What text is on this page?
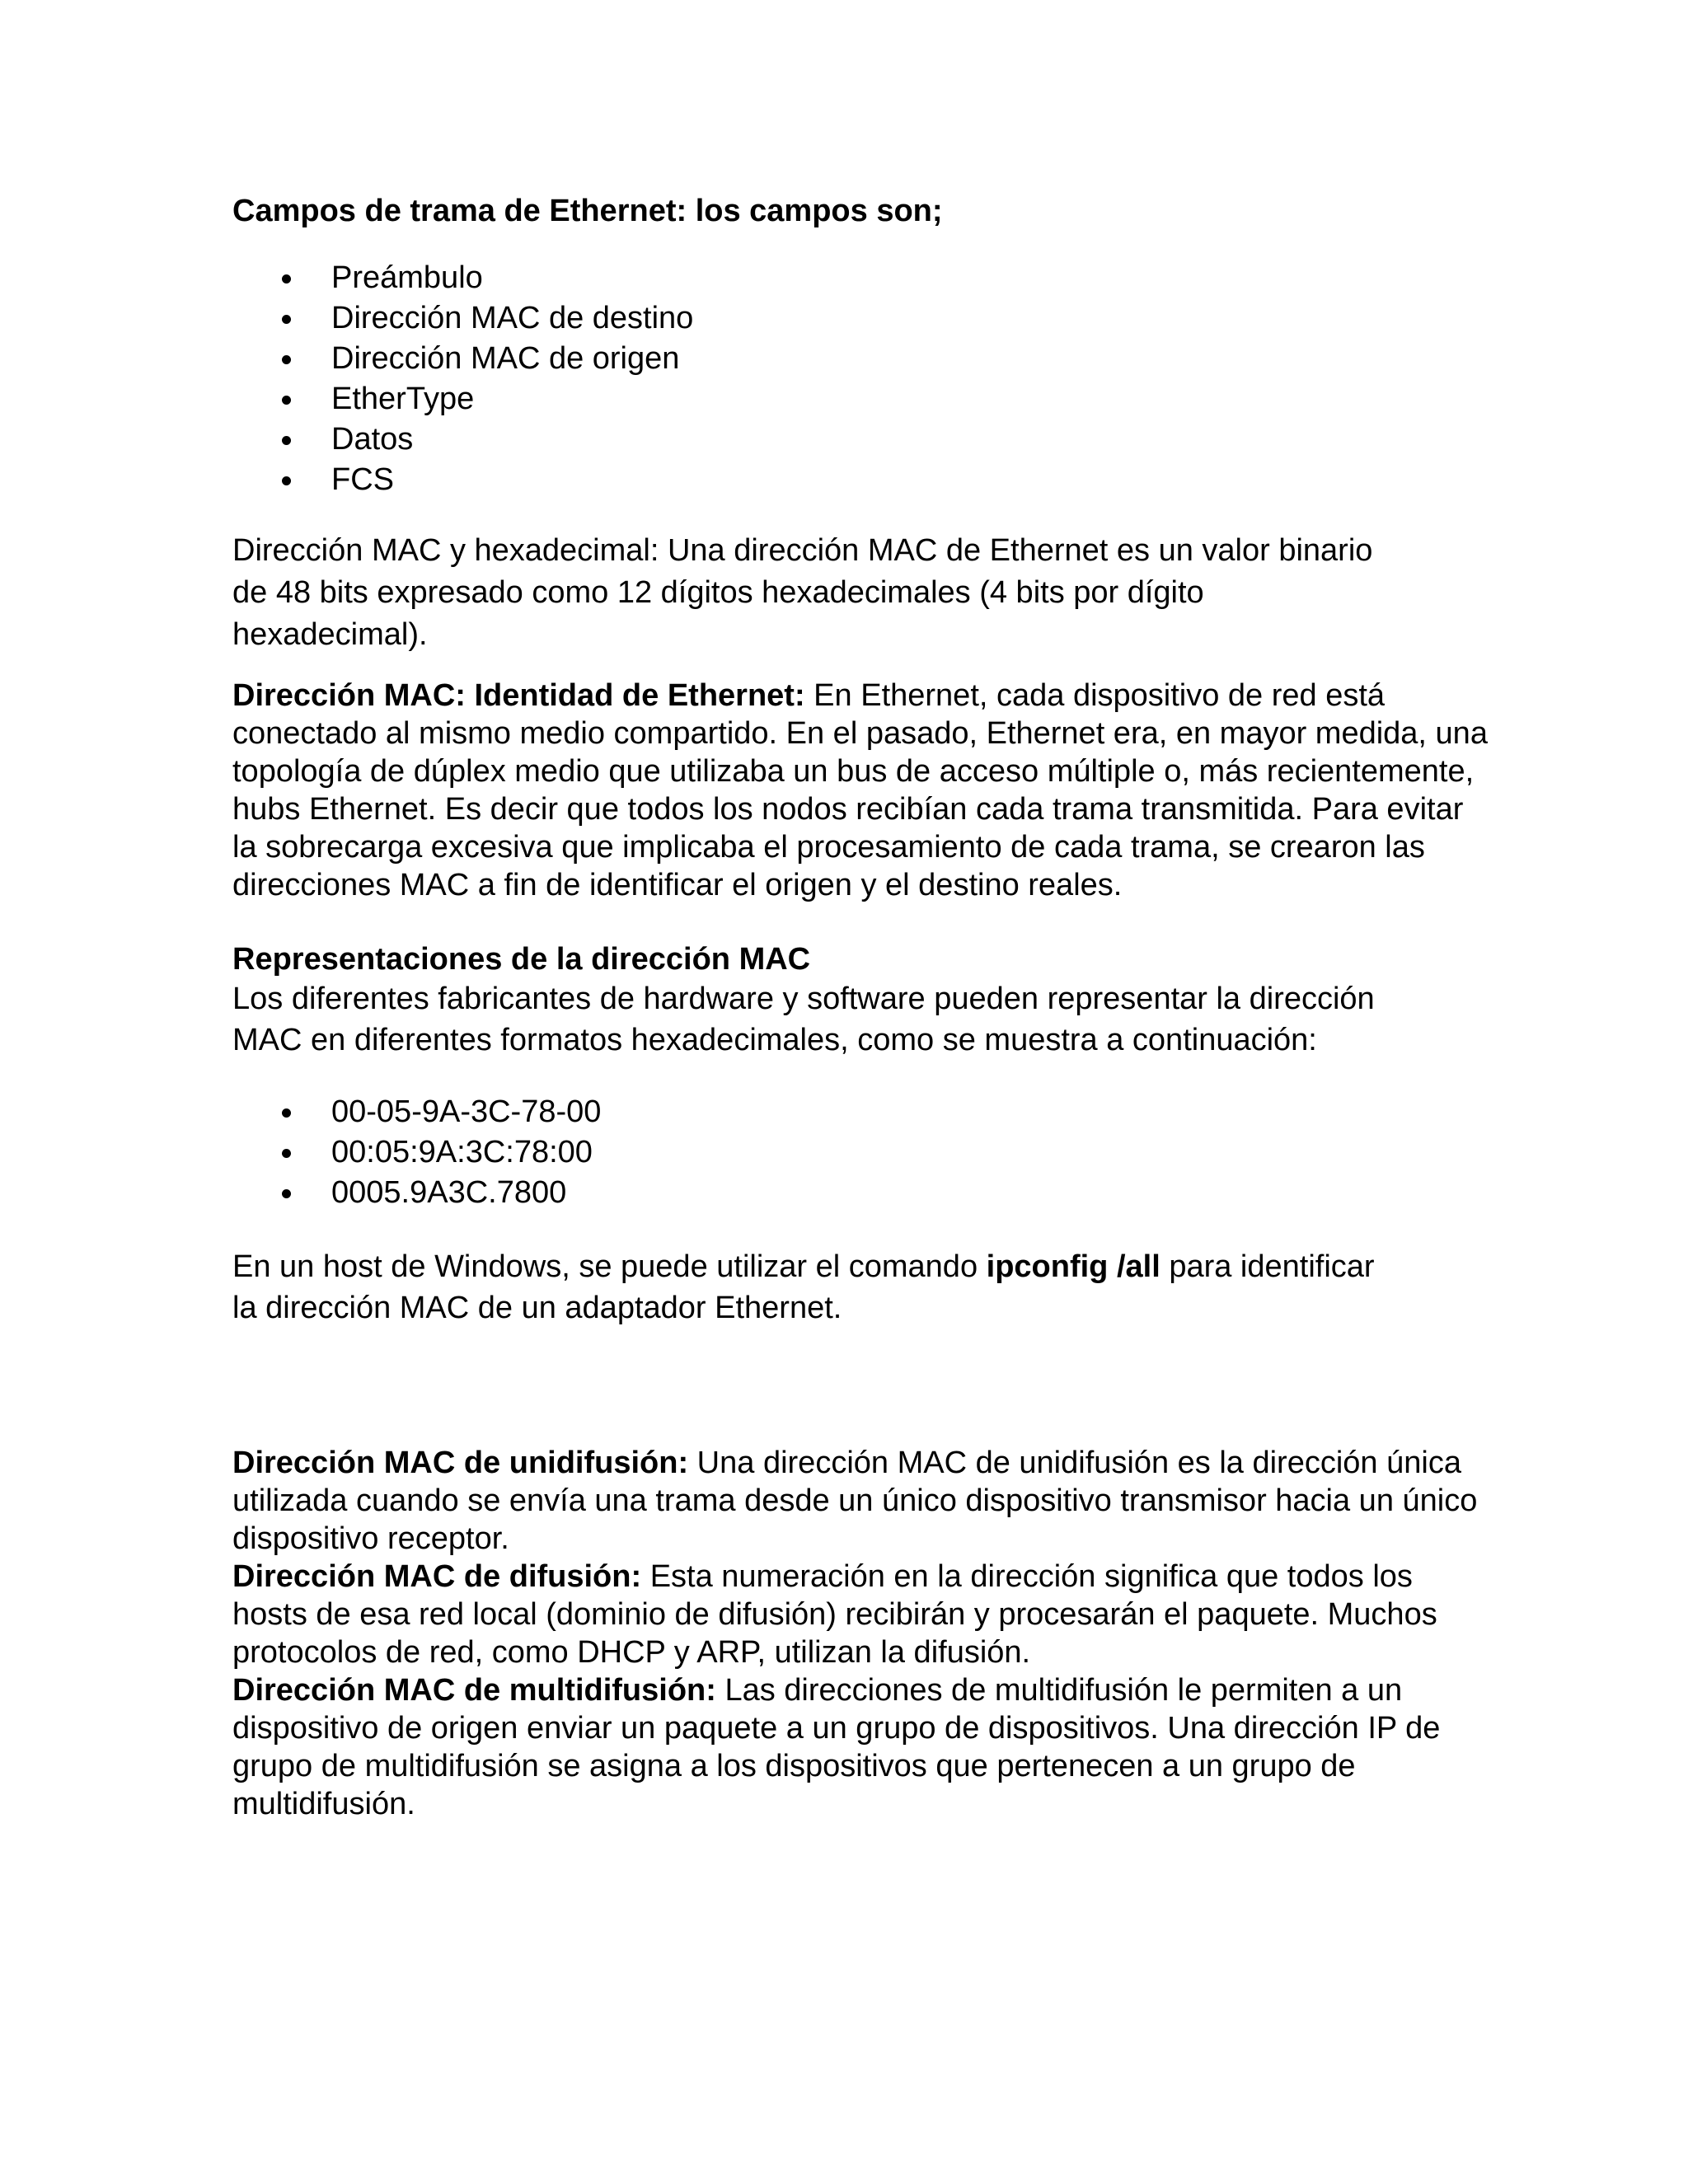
Campos de trama de Ethernet: los campos son;

Preámbulo
Dirección MAC de destino
Dirección MAC de origen
EtherType
Datos
FCS
Dirección MAC y hexadecimal: Una dirección MAC de Ethernet es un valor binario
de 48 bits expresado como 12 dígitos hexadecimales (4 bits por dígito
hexadecimal).

Dirección MAC: Identidad de Ethernet: En Ethernet, cada dispositivo de red está conectado al mismo medio compartido. En el pasado, Ethernet era, en mayor medida, una topología de dúplex medio que utilizaba un bus de acceso múltiple o, más recientemente, hubs Ethernet. Es decir que todos los nodos recibían cada trama transmitida. Para evitar la sobrecarga excesiva que implicaba el procesamiento de cada trama, se crearon las direcciones MAC a fin de identificar el origen y el destino reales.

Representaciones de la dirección MAC

Los diferentes fabricantes de hardware y software pueden representar la dirección
MAC en diferentes formatos hexadecimales, como se muestra a continuación:
00-05-9A-3C-78-00
00:05:9A:3C:78:00
0005.9A3C.7800
En un host de Windows, se puede utilizar el comando ipconfig /all para identificar
la dirección MAC de un adaptador Ethernet.

Dirección MAC de unidifusión: Una dirección MAC de unidifusión es la dirección única utilizada cuando se envía una trama desde un único dispositivo transmisor hacia un único dispositivo receptor.

Dirección MAC de difusión: Esta numeración en la dirección significa que todos los hosts de esa red local (dominio de difusión) recibirán y procesarán el paquete. Muchos protocolos de red, como DHCP y ARP, utilizan la difusión.

Dirección MAC de multidifusión: Las direcciones de multidifusión le permiten a un dispositivo de origen enviar un paquete a un grupo de dispositivos. Una dirección IP de grupo de multidifusión se asigna a los dispositivos que pertenecen a un grupo de multidifusión.
